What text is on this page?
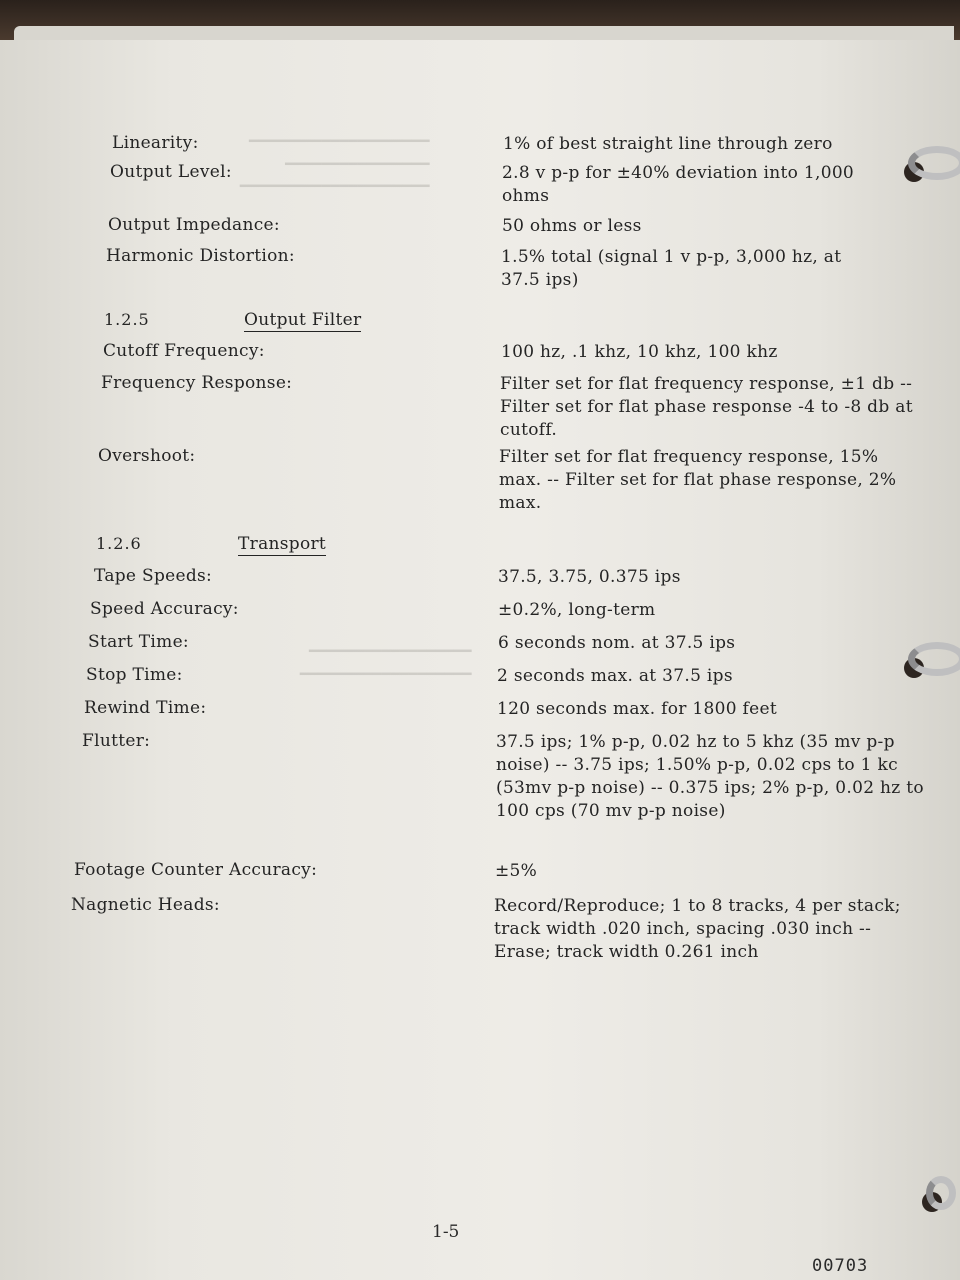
━━━━━━━━━━━━━━━━━━━━
━━━━━━━━━━━━━━━━
━━━━━━━━━━━━━━━━━━━━━
━━━━━━━━━━━━━━━━━━
━━━━━━━━━━━━━━━━━━━
Linearity:	1% of best straight line through zero
Output Level:	2.8 v p-p for ±40% deviation into 1,000 ohms
Output Impedance:	50 ohms or less
Harmonic Distortion:	1.5% total (signal 1 v p-p, 3,000 hz, at 37.5 ips)
1.2.5	Output Filter
Cutoff Frequency:	100 hz, .1 khz, 10 khz, 100 khz
Frequency Response:	Filter set for flat frequency response, ±1 db -- Filter set for flat phase response -4 to -8 db at cutoff.
Overshoot:	Filter set for flat frequency response, 15% max. -- Filter set for flat phase response, 2% max.
1.2.6	Transport
Tape Speeds:	37.5, 3.75, 0.375 ips
Speed Accuracy:	±0.2%, long-term
Start Time:	6 seconds nom. at 37.5 ips
Stop Time:	2 seconds max. at 37.5 ips
Rewind Time:	120 seconds max. for 1800 feet
Flutter:	37.5 ips; 1% p-p, 0.02 hz to 5 khz (35 mv p-p noise) -- 3.75 ips; 1.50% p-p, 0.02 cps to 1 kc (53mv p-p noise) -- 0.375 ips; 2% p-p, 0.02 hz to 100 cps (70 mv p-p noise)
Footage Counter Accuracy:	±5%
Nagnetic Heads:	Record/Reproduce; 1 to 8 tracks, 4 per stack; track width .020 inch, spacing .030 inch -- Erase; track width 0.261 inch
1-5
00703
